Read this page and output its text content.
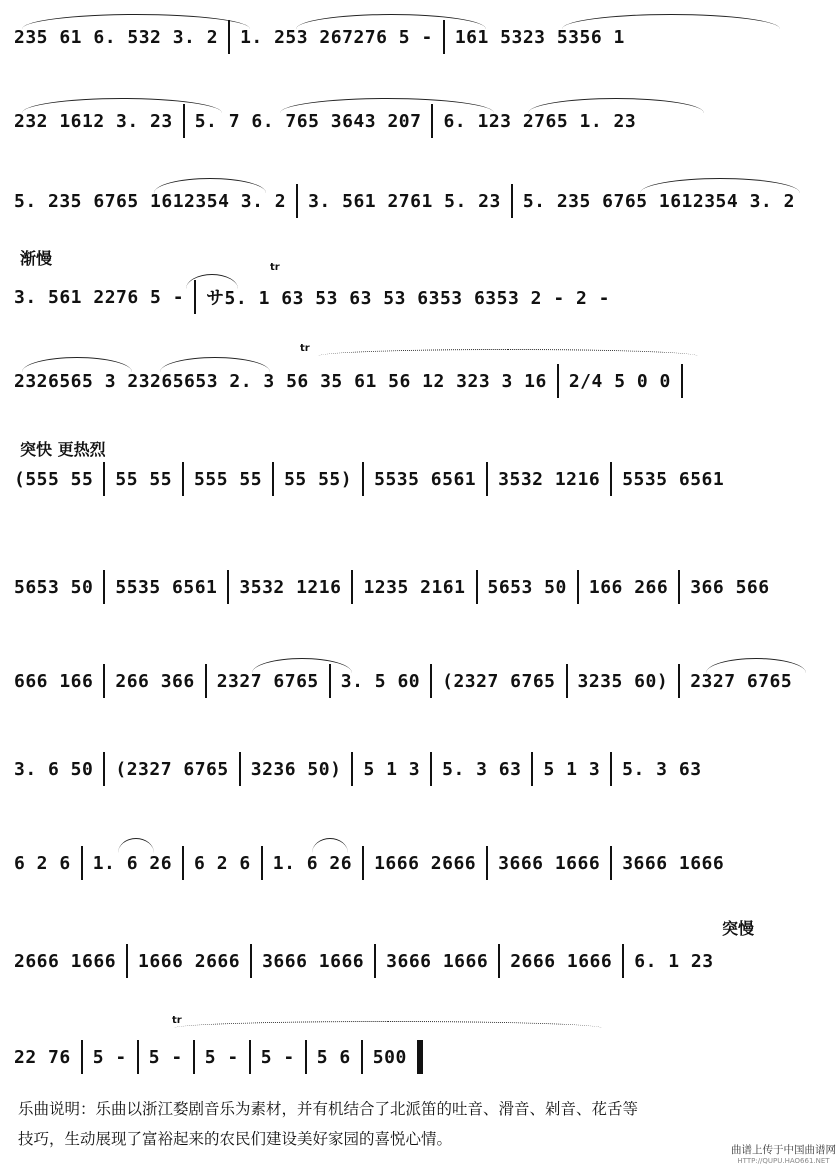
渐慢
突快 更热烈
突慢
tr
tr
tr
235 61 6. 532 3. 2 1. 253 267276 5 - 161 5323 5356 1
232 1612 3. 23 5. 7 6. 765 3643 207 6. 123 2765 1. 23
5. 235 6765 1612354 3. 2 3. 561 2761 5. 23 5. 235 6765 1612354 3. 2
3. 561 2276 5 - サ5. 1 63 53 63 53 6353 6353 2 - 2 -
2326565 3 23265653 2. 3 56 35 61 56 12 323 3 16 2/4 5 0 0
(555 55 55 55 555 55 55 55) 5535 6561 3532 1216 5535 6561
5653 50 5535 6561 3532 1216 1235 2161 5653 50 166 266 366 566
666 166 266 366 2327 6765 3. 5 60 (2327 6765 3235 60) 2327 6765
3. 6 50 (2327 6765 3236 50) 5 1 3 5. 3 63 5 1 3 5. 3 63
6 2 6 1. 6 26 6 2 6 1. 6 26 1666 2666 3666 1666 3666 1666
2666 1666 1666 2666 3666 1666 3666 1666 2666 1666 6. 1 23
22 76 5 - 5 - 5 - 5 - 5 6 500

乐曲说明：乐曲以浙江婺剧音乐为素材，并有机结合了北派笛的吐音、滑音、剁音、花舌等

技巧，生动展现了富裕起来的农民们建设美好家园的喜悦心情。

曲谱上传于中国曲谱网
HTTP://QUPU.HAO661.NET
